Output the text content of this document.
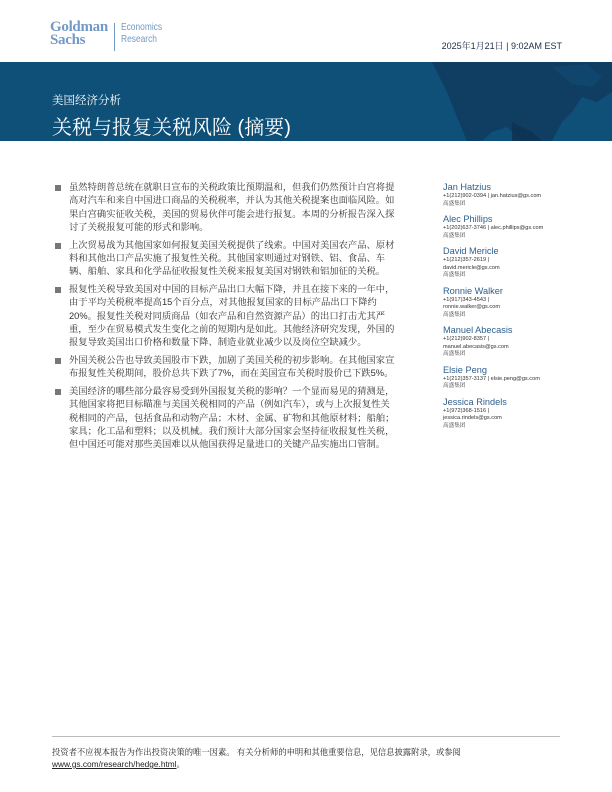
Goldman
Sachs
Economics
Research
2025年1月21日 | 9:02AM EST
美国经济分析
关税与报复关税风险 (摘要)
虽然特朗普总统在就职日宣布的关税政策比预期温和，但我们仍然预计白宫将提
高对汽车和来自中国进口商品的关税税率，并认为其他关税提案也面临风险。如
果白宫确实征收关税，美国的贸易伙伴可能会进行报复。本周的分析报告深入探
讨了关税报复可能的形式和影响。
上次贸易战为其他国家如何报复美国关税提供了线索。中国对美国农产品、原材
料和其他出口产品实施了报复性关税。其他国家则通过对钢铁、铝、食品、车
辆、船舶、家具和化学品征收报复性关税来报复美国对钢铁和铝加征的关税。
报复性关税导致美国对中国的目标产品出口大幅下降，并且在接下来的一年中，
由于平均关税税率提高15个百分点，对其他报复国家的目标产品出口下降约
20%。报复性关税对同质商品（如农产品和自然资源产品）的出口打击尤其严
重，至少在贸易模式发生变化之前的短期内是如此。其他经济研究发现，外国的
报复导致美国出口价格和数量下降、制造业就业减少以及岗位空缺减少。
外国关税公告也导致美国股市下跌，加剧了美国关税的初步影响。在其他国家宣
布报复性关税期间，股价总共下跌了7%，而在美国宣布关税时股价已下跌5%。
美国经济的哪些部分最容易受到外国报复关税的影响？一个显而易见的猜测是，
其他国家将把目标瞄准与美国关税相同的产品（例如汽车），或与上次报复性关
税相同的产品，包括食品和动物产品；木材、金属、矿物和其他原材料；船舶；
家具；化工品和塑料；以及机械。我们预计大部分国家会坚持征收报复性关税，
但中国还可能对那些美国难以从他国获得足量进口的关键产品实施出口管制。
Jan Hatzius
+1(212)902-0394 | jan.hatzius@gs.com
高盛集团
Alec Phillips
+1(202)637-3746 | alec.phillips@gs.com
高盛集团
David Mericle
+1(212)357-2619 |
david.mericle@gs.com
高盛集团
Ronnie Walker
+1(917)343-4543 |
ronnie.walker@gs.com
高盛集团
Manuel Abecasis
+1(212)902-8357 |
manuel.abecasis@gs.com
高盛集团
Elsie Peng
+1(212)357-3137 | elsie.peng@gs.com
高盛集团
Jessica Rindels
+1(972)368-1516 |
jessica.rindels@gs.com
高盛集团
投资者不应视本报告为作出投资决策的唯一因素。 有关分析师的申明和其他重要信息，见信息披露附录，或参阅
www.gs.com/research/hedge.html。
